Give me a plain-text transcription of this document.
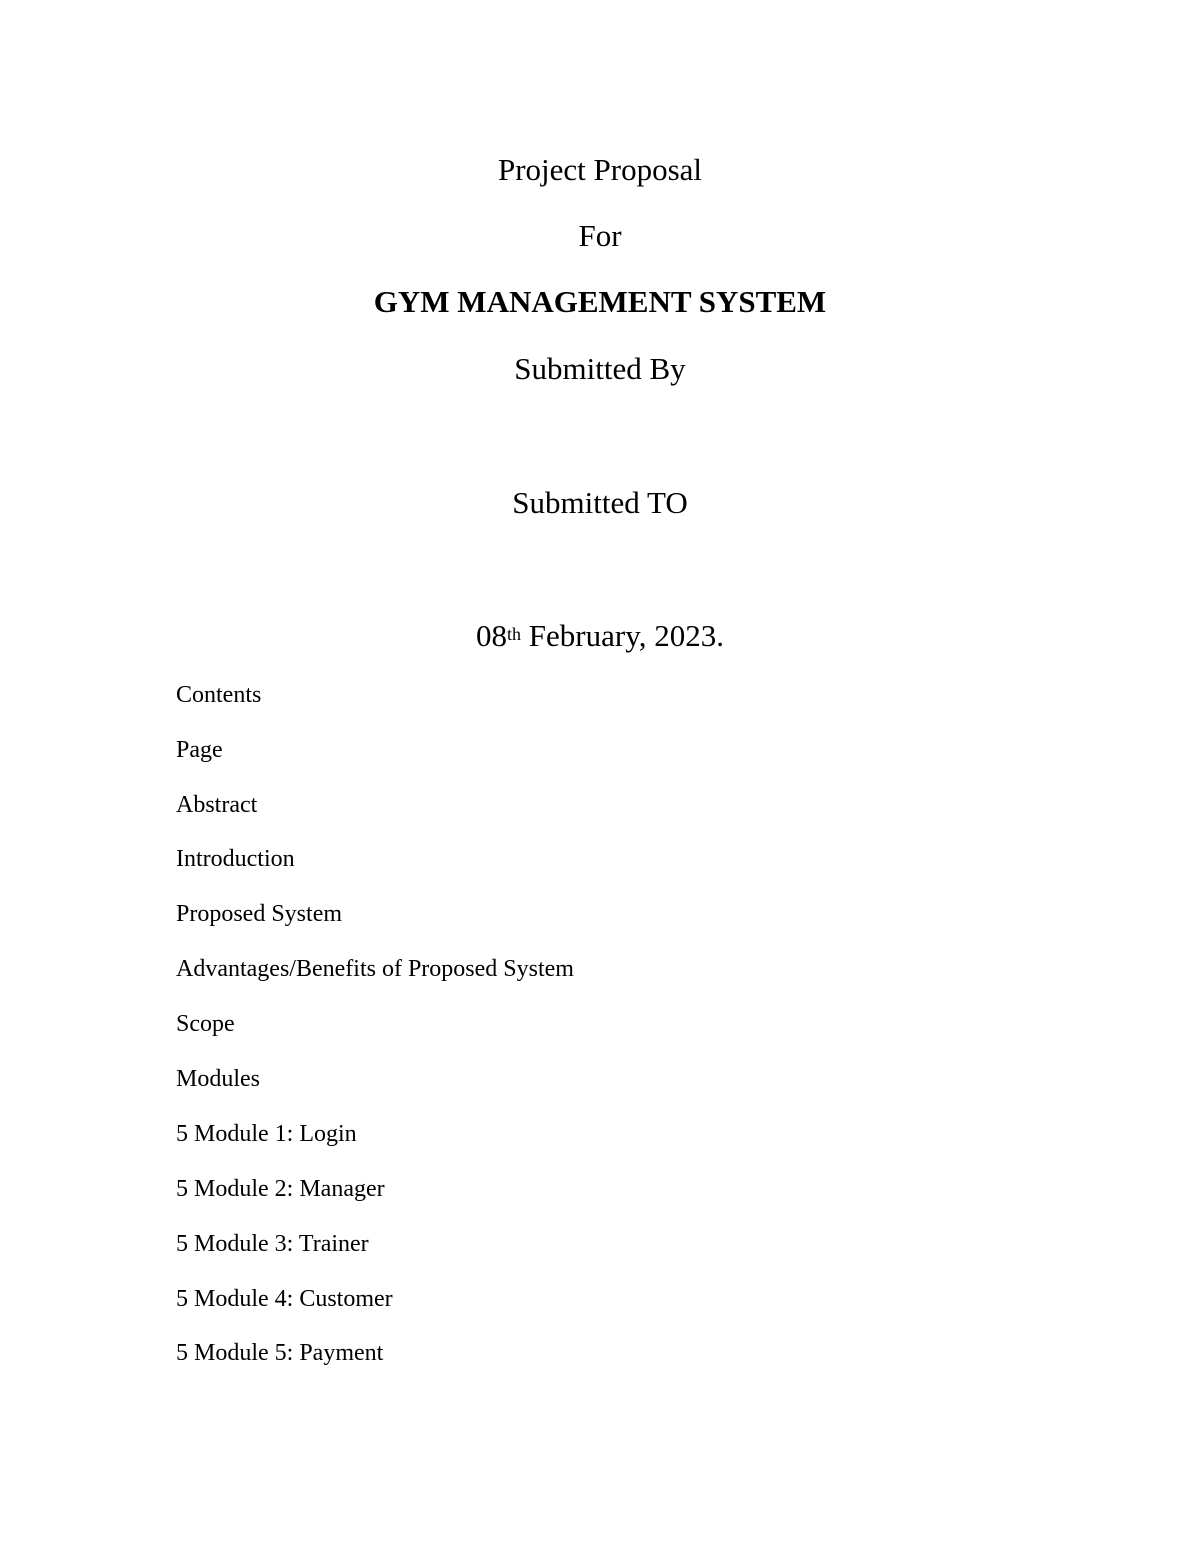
Project Proposal
For
GYM MANAGEMENT SYSTEM
Submitted By
Submitted TO
08th February, 2023.
Contents
Page
Abstract
Introduction
Proposed System
Advantages/Benefits of Proposed System
Scope
Modules
5 Module 1: Login
5 Module 2: Manager
5 Module 3: Trainer
5 Module 4: Customer
5 Module 5: Payment
